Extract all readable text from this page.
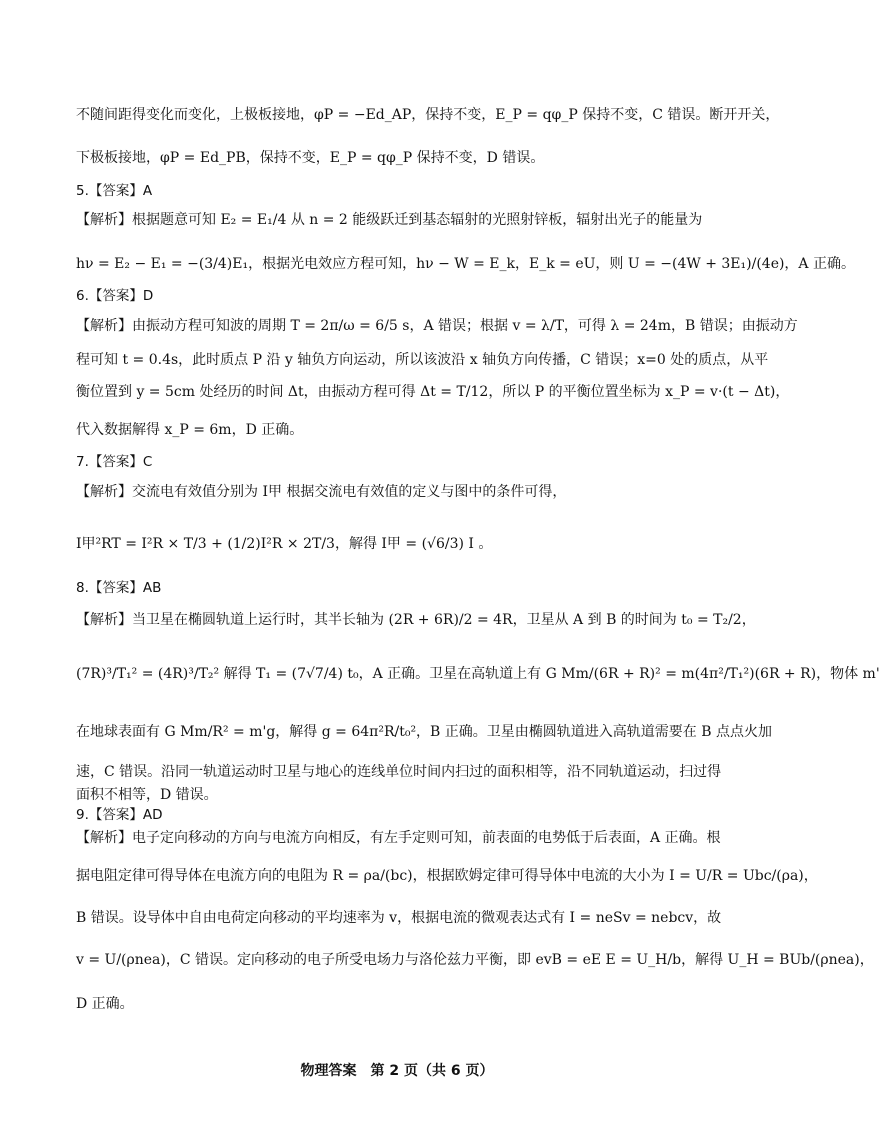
不随间距得变化而变化，上极板接地，φP = −Ed_AP，保持不变，E_P = qφ_P 保持不变，C 错误。断开开关，
下极板接地，φP = Ed_PB，保持不变，E_P = qφ_P 保持不变，D 错误。
5.【答案】A
【解析】根据题意可知 E₂ = E₁/4 从 n = 2 能级跃迁到基态辐射的光照射锌板，辐射出光子的能量为
hν = E₂ − E₁ = −(3/4)E₁，根据光电效应方程可知，hν − W = E_k，E_k = eU，则 U = −(4W + 3E₁)/(4e)，A 正确。
6.【答案】D
【解析】由振动方程可知波的周期 T = 2π/ω = 6/5 s，A 错误；根据 v = λ/T，可得 λ = 24m，B 错误；由振动方
程可知 t = 0.4s，此时质点 P 沿 y 轴负方向运动，所以该波沿 x 轴负方向传播，C 错误；x=0 处的质点，从平
衡位置到 y = 5cm 处经历的时间 Δt，由振动方程可得 Δt = T/12，所以 P 的平衡位置坐标为 x_P = v·(t − Δt)，
代入数据解得 x_P = 6m，D 正确。
7.【答案】C
【解析】交流电有效值分别为 I甲 根据交流电有效值的定义与图中的条件可得，
I甲²RT = I²R × T/3 + (1/2)I²R × 2T/3，解得 I甲 = (√6/3) I 。
8.【答案】AB
【解析】当卫星在椭圆轨道上运行时，其半长轴为 (2R + 6R)/2 = 4R，卫星从 A 到 B 的时间为 t₀ = T₂/2，
(7R)³/T₁² = (4R)³/T₂² 解得 T₁ = (7√7/4) t₀，A 正确。卫星在高轨道上有 G Mm/(6R + R)² = m(4π²/T₁²)(6R + R)，物体 m'
在地球表面有 G Mm/R² = m'g，解得 g = 64π²R/t₀²，B 正确。卫星由椭圆轨道进入高轨道需要在 B 点点火加
速，C 错误。沿同一轨道运动时卫星与地心的连线单位时间内扫过的面积相等，沿不同轨道运动，扫过得
面积不相等，D 错误。
9.【答案】AD
【解析】电子定向移动的方向与电流方向相反，有左手定则可知，前表面的电势低于后表面，A 正确。根
据电阻定律可得导体在电流方向的电阻为 R = ρa/(bc)，根据欧姆定律可得导体中电流的大小为 I = U/R = Ubc/(ρa)，
B 错误。设导体中自由电荷定向移动的平均速率为 v，根据电流的微观表达式有 I = neSv = nebcv，故
v = U/(ρnea)，C 错误。定向移动的电子所受电场力与洛伦兹力平衡，即 evB = eE E = U_H/b，解得 U_H = BUb/(ρnea)，
D 正确。
物理答案　第 2 页（共 6 页）
